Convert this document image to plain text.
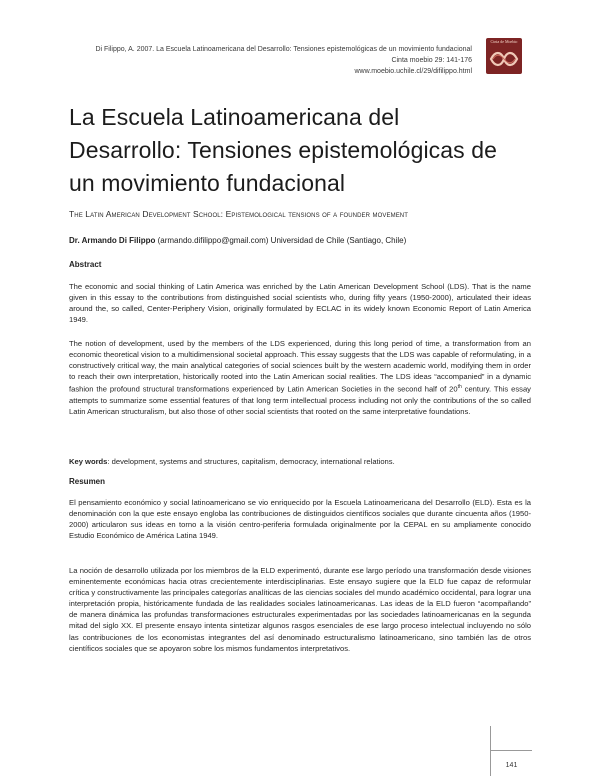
Di Filippo, A. 2007. La Escuela Latinoamericana del Desarrollo: Tensiones epistemológicas de un movimiento fundacional
Cinta moebio 29: 141-176
www.moebio.uchile.cl/29/difilippo.html
Cinta de Moebio
La Escuela Latinoamericana del
Desarrollo: Tensiones epistemológicas de
un movimiento fundacional
The Latin American Development School: Epistemological tensions of a founder movement
Dr. Armando Di Filippo (armando.difilippo@gmail.com) Universidad de Chile (Santiago, Chile)
Abstract
The economic and social thinking of Latin America was enriched by the Latin American Development School (LDS). That is the name given in this essay to the contributions from distinguished social scientists who, during fifty years (1950-2000), articulated their ideas around the, so called, Center-Periphery Vision, originally formulated by ECLAC in its widely known Economic Report of Latin America 1949.
The notion of development, used by the members of the LDS experienced, during this long period of time, a transformation from an economic theoretical vision to a multidimensional societal approach. This essay suggests that the LDS was capable of reformulating, in a constructively critical way, the main analytical categories of social sciences built by the western academic world, modifying them in order to reach their own interpretation, historically rooted into the Latin American social realities. The LDS ideas “accompanied” in a dynamic fashion the profound structural transformations experienced by Latin American Societies in the second half of 20th century. This essay attempts to summarize some essential features of that long term intellectual process including not only the contributions of the so called Latin American structuralism, but also those of other social scientists that rooted on the same interpretative foundations.
Key words: development, systems and structures, capitalism, democracy, international relations.
Resumen
El pensamiento económico y social latinoamericano se vio enriquecido por la Escuela Latinoamericana del Desarrollo (ELD). Esta es la denominación con la que este ensayo engloba las contribuciones de distinguidos científicos sociales que durante cincuenta años (1950-2000) articularon sus ideas en torno a la visión centro-periferia formulada originalmente por la CEPAL en su ampliamente conocido Estudio Económico de América Latina 1949.
La noción de desarrollo utilizada por los miembros de la ELD experimentó, durante ese largo período una transformación desde visiones eminentemente económicas hacia otras crecientemente interdisciplinarias. Este ensayo sugiere que la ELD fue capaz de reformular crítica y constructivamente las principales categorías analíticas de las ciencias sociales del mundo académico occidental, para lograr una interpretación propia, históricamente fundada de las realidades sociales latinoamericanas. Las ideas de la ELD fueron “acompañando” de manera dinámica las profundas transformaciones estructurales experimentadas por las sociedades latinoamericanas en la segunda mitad del siglo XX. El presente ensayo intenta sintetizar algunos rasgos esenciales de ese largo proceso intelectual incluyendo no sólo las contribuciones de los economistas integrantes del así denominado estructuralismo latinoamericano, sino también las de otros científicos sociales que se apoyaron sobre los mismos fundamentos interpretativos.
141
